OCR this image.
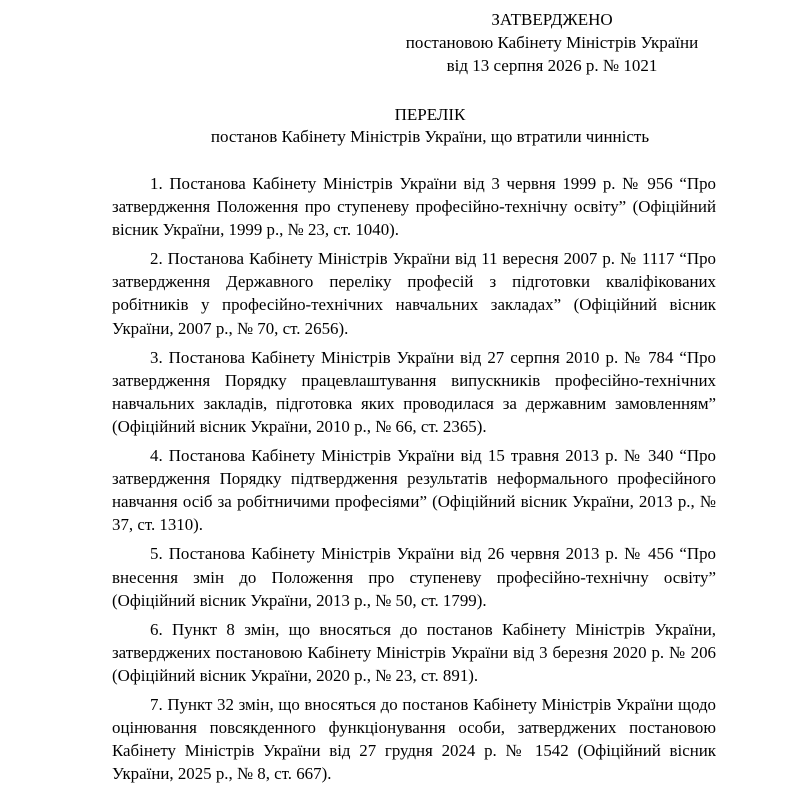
ЗАТВЕРДЖЕНО
постановою Кабінету Міністрів України
від 13 серпня 2026 р. № 1021
ПЕРЕЛІК
постанов Кабінету Міністрів України, що втратили чинність

1. Постанова Кабінету Міністрів України від 3 червня 1999 р. № 956 “Про затвердження Положення про ступеневу професійно-технічну освіту” (Офіційний вісник України, 1999 р., № 23, ст. 1040).

2. Постанова Кабінету Міністрів України від 11 вересня 2007 р. № 1117 “Про затвердження Державного переліку професій з підготовки кваліфікованих робітників у професійно-технічних навчальних закладах” (Офіційний вісник України, 2007 р., № 70, ст. 2656).

3. Постанова Кабінету Міністрів України від 27 серпня 2010 р. № 784 “Про затвердження Порядку працевлаштування випускників професійно-технічних навчальних закладів, підготовка яких проводилася за державним замовленням” (Офіційний вісник України, 2010 р., № 66, ст. 2365).

4. Постанова Кабінету Міністрів України від 15 травня 2013 р. № 340 “Про затвердження Порядку підтвердження результатів неформального професійного навчання осіб за робітничими професіями” (Офіційний вісник України, 2013 р., № 37, ст. 1310).

5. Постанова Кабінету Міністрів України від 26 червня 2013 р. № 456 “Про внесення змін до Положення про ступеневу професійно-технічну освіту” (Офіційний вісник України, 2013 р., № 50, ст. 1799).

6. Пункт 8 змін, що вносяться до постанов Кабінету Міністрів України, затверджених постановою Кабінету Міністрів України від 3 березня 2020 р. № 206 (Офіційний вісник України, 2020 р., № 23, ст. 891).

7. Пункт 32 змін, що вносяться до постанов Кабінету Міністрів України щодо оцінювання повсякденного функціонування особи, затверджених постановою Кабінету Міністрів України від 27 грудня 2024 р. № 1542 (Офіційний вісник України, 2025 р., № 8, ст. 667).
